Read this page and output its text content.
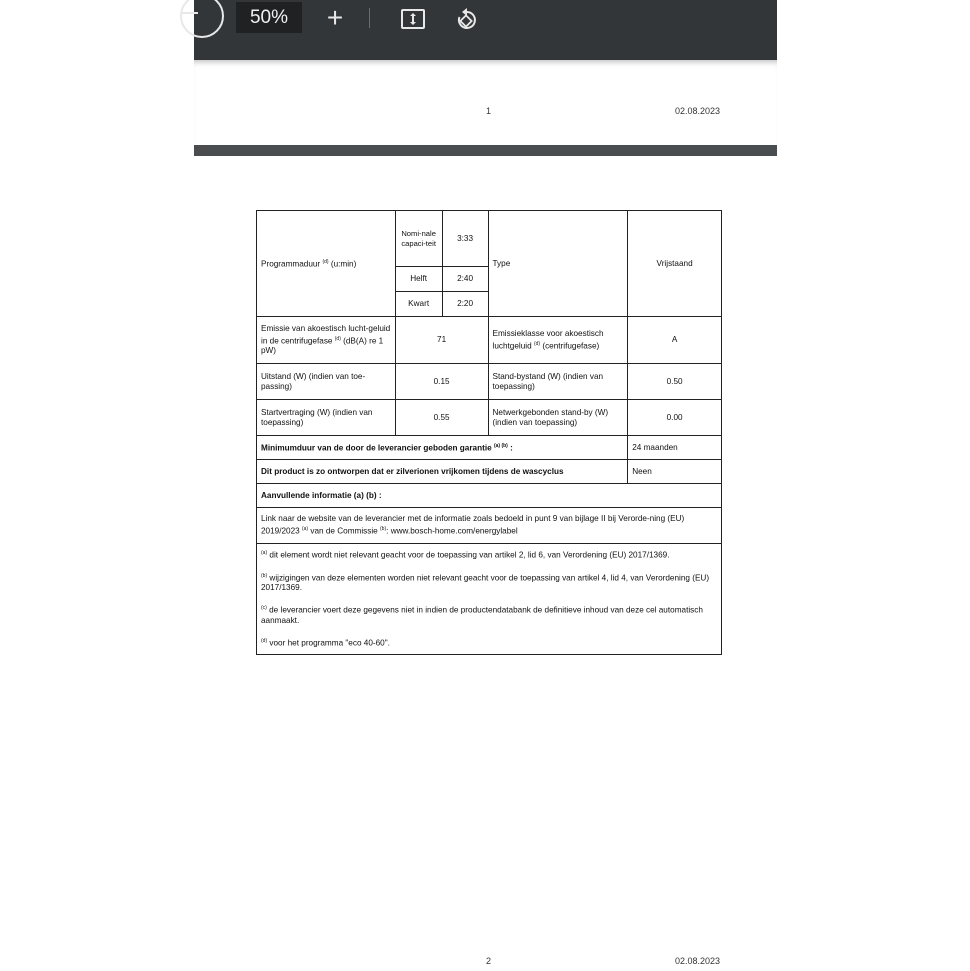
50%	+
1	02.08.2023
Programmaduur $^{(d)}$ (u:min)	Nomi-nale capaci-teit	3:33	Type	Vrijstaand
	Helft	2:40		
	Kwart	2:20		
Emissie van akoestisch lucht-geluid in de centrifugefase $^{(d)}$ (dB(A) re 1 pW)	71		Emissieklasse voor akoestisch luchtgeluid $^{(d)}$ (centrifugefase)	A
Uitstand (W) (indien van toe-passing)	0.15		Stand-bystand (W) (indien van toepassing)	0.50
Startvertraging (W) (indien van toepassing)	0.55		Netwerkgebonden stand-by (W) (indien van toepassing)	0.00
Minimumduur van de door de leverancier geboden garantie $^{(a) (b)}$ :				24 maanden
Dit product is zo ontworpen dat er zilverionen vrijkomen tijdens de wascyclus				Neen
Aanvullende informatie (a) (b) :				
Link naar de website van de leverancier met de informatie zoals bedoeld in punt 9 van bijlage II bij Verorde-ning (EU) 2019/2023 $^{(a)}$ van de Commissie $^{(b)}$: www.bosch-home.com/energylabel				

$^{(a)}$ dit element wordt niet relevant geacht voor de toepassing van artikel 2, lid 6, van Verordening (EU) 2017/1369.

$^{(b)}$ wijzigingen van deze elementen worden niet relevant geacht voor de toepassing van artikel 4, lid 4, van Verordening (EU) 2017/1369.

$^{(c)}$ de leverancier voert deze gegevens niet in indien de productendatabank de definitieve inhoud van deze cel automatisch aanmaakt.

$^{(d)}$ voor het programma "eco 40-60".				

2	02.08.2023
